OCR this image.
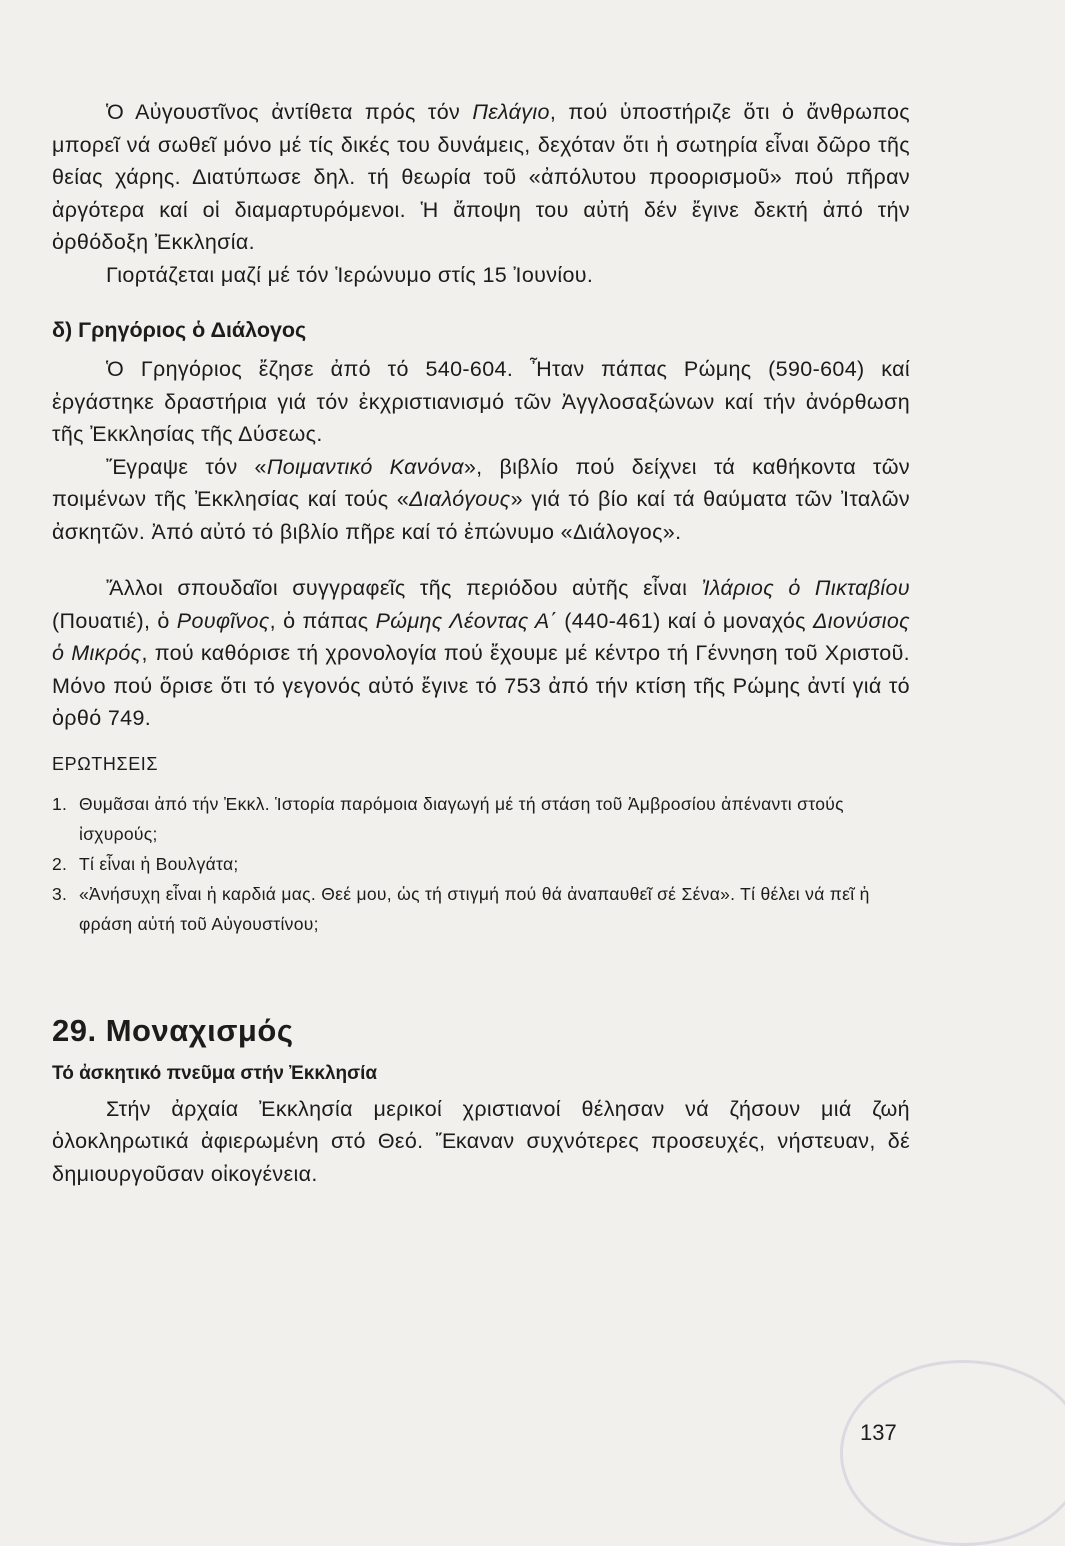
Ὁ Αὐγουστῖνος ἀντίθετα πρός τόν Πελάγιο, πού ὑποστήριζε ὅτι ὁ ἄνθρωπος μπορεῖ νά σωθεῖ μόνο μέ τίς δικές του δυνάμεις, δεχόταν ὅτι ἡ σωτηρία εἶναι δῶρο τῆς θείας χάρης. Διατύπωσε δηλ. τή θεωρία τοῦ «ἀπόλυτου προορισμοῦ» πού πῆραν ἀργότερα καί οἱ διαμαρτυρόμενοι. Ἡ ἄποψη του αὐτή δέν ἔγινε δεκτή ἀπό τήν ὀρθόδοξη Ἐκκλησία.

Γιορτάζεται μαζί μέ τόν Ἱερώνυμο στίς 15 Ἰουνίου.

δ) Γρηγόριος ὁ Διάλογος

Ὁ Γρηγόριος ἔζησε ἀπό τό 540-604. Ἦταν πάπας Ρώμης (590-604) καί ἐργάστηκε δραστήρια γιά τόν ἐκχριστιανισμό τῶν Ἀγγλοσαξώνων καί τήν ἀνόρθωση τῆς Ἐκκλησίας τῆς Δύσεως.

Ἔγραψε τόν «Ποιμαντικό Κανόνα», βιβλίο πού δείχνει τά καθήκοντα τῶν ποιμένων τῆς Ἐκκλησίας καί τούς «Διαλόγους» γιά τό βίο καί τά θαύματα τῶν Ἰταλῶν ἀσκητῶν. Ἀπό αὐτό τό βιβλίο πῆρε καί τό ἐπώνυμο «Διάλογος».

Ἄλλοι σπουδαῖοι συγγραφεῖς τῆς περιόδου αὐτῆς εἶναι Ἰλάριος ὁ Πικταβίου (Πουατιέ), ὁ Ρουφῖνος, ὁ πάπας Ρώμης Λέοντας Α΄ (440-461) καί ὁ μοναχός Διονύσιος ὁ Μικρός, πού καθόρισε τή χρονολογία πού ἔχουμε μέ κέντρο τή Γέννηση τοῦ Χριστοῦ. Μόνο πού ὅρισε ὅτι τό γεγονός αὐτό ἔγινε τό 753 ἀπό τήν κτίση τῆς Ρώμης ἀντί γιά τό ὀρθό 749.

ΕΡΩΤΗΣΕΙΣ
1. Θυμᾶσαι ἀπό τήν Ἐκκλ. Ἱστορία παρόμοια διαγωγή μέ τή στάση τοῦ Ἀμβροσίου ἀπέναντι στούς ἰσχυρούς;
2. Τί εἶναι ἡ Βουλγάτα;
3. «Ἀνήσυχη εἶναι ἡ καρδιά μας. Θεέ μου, ὡς τή στιγμή πού θά ἀναπαυθεῖ σέ Σένα». Τί θέλει νά πεῖ ἡ φράση αὐτή τοῦ Αὐγουστίνου;
29. Μοναχισμός
Τό ἀσκητικό πνεῦμα στήν Ἐκκλησία

Στήν ἀρχαία Ἐκκλησία μερικοί χριστιανοί θέλησαν νά ζήσουν μιά ζωή ὁλοκληρωτικά ἀφιερωμένη στό Θεό. Ἔκαναν συχνότερες προσευχές, νήστευαν, δέ δημιουργοῦσαν οἰκογένεια.

137
